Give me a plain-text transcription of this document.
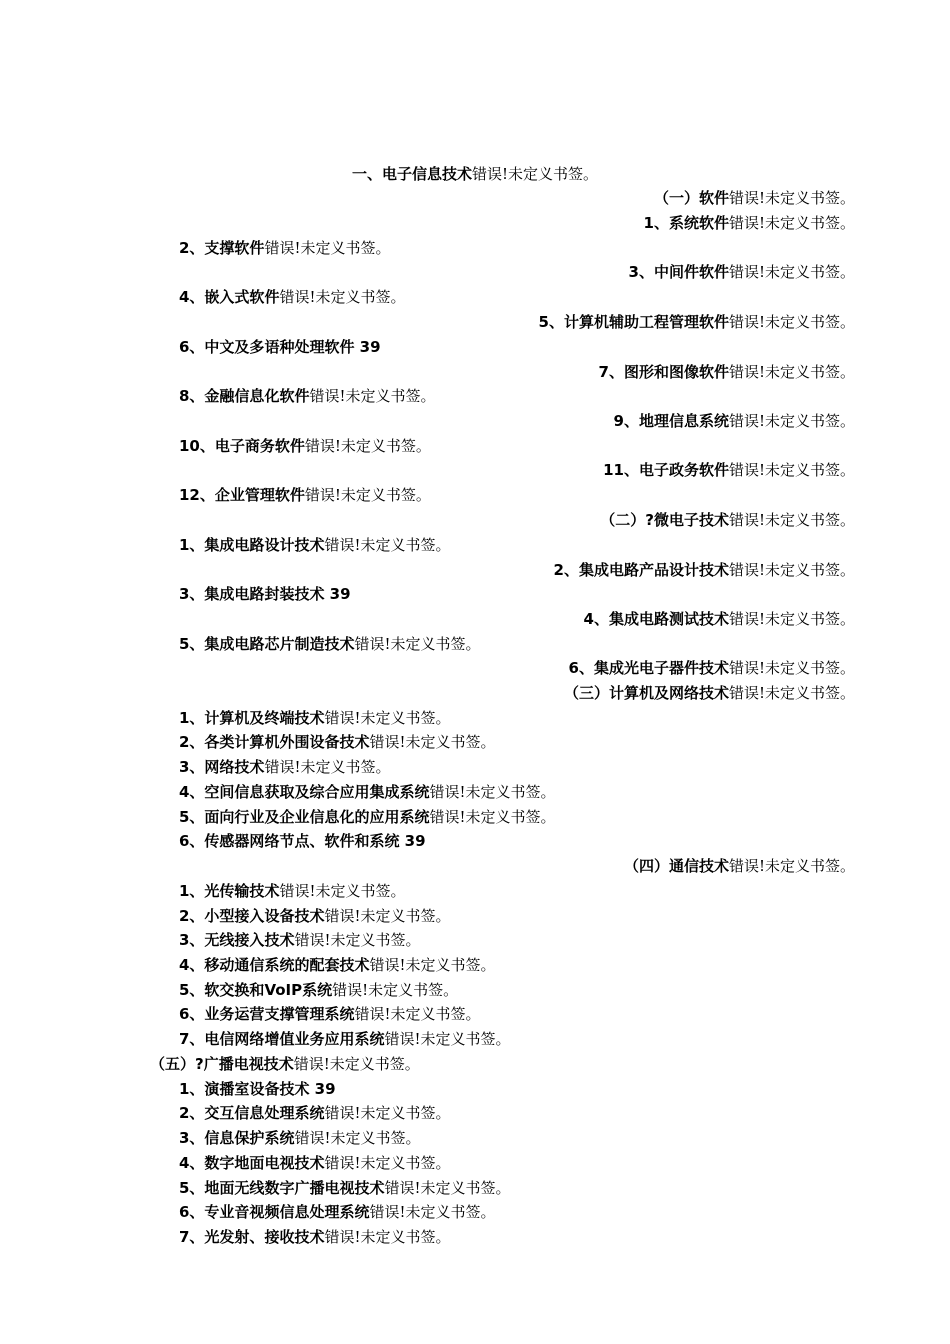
一、电子信息技术错误!未定义书签。
（一）软件错误!未定义书签。
1、系统软件错误!未定义书签。
2、支撑软件错误!未定义书签。
3、中间件软件错误!未定义书签。
4、嵌入式软件错误!未定义书签。
5、计算机辅助工程管理软件错误!未定义书签。
6、中文及多语种处理软件 39
7、图形和图像软件错误!未定义书签。
8、金融信息化软件错误!未定义书签。
9、地理信息系统错误!未定义书签。
10、电子商务软件错误!未定义书签。
11、电子政务软件错误!未定义书签。
12、企业管理软件错误!未定义书签。
（二）?微电子技术错误!未定义书签。
1、集成电路设计技术错误!未定义书签。
2、集成电路产品设计技术错误!未定义书签。
3、集成电路封装技术 39
4、集成电路测试技术错误!未定义书签。
5、集成电路芯片制造技术错误!未定义书签。
6、集成光电子器件技术错误!未定义书签。
（三）计算机及网络技术错误!未定义书签。
1、计算机及终端技术错误!未定义书签。
2、各类计算机外围设备技术错误!未定义书签。
3、网络技术错误!未定义书签。
4、空间信息获取及综合应用集成系统错误!未定义书签。
5、面向行业及企业信息化的应用系统错误!未定义书签。
6、传感器网络节点、软件和系统 39
（四）通信技术错误!未定义书签。
1、光传输技术错误!未定义书签。
2、小型接入设备技术错误!未定义书签。
3、无线接入技术错误!未定义书签。
4、移动通信系统的配套技术错误!未定义书签。
5、软交换和VoIP系统错误!未定义书签。
6、业务运营支撑管理系统错误!未定义书签。
7、电信网络增值业务应用系统错误!未定义书签。
（五）?广播电视技术错误!未定义书签。
1、演播室设备技术 39
2、交互信息处理系统错误!未定义书签。
3、信息保护系统错误!未定义书签。
4、数字地面电视技术错误!未定义书签。
5、地面无线数字广播电视技术错误!未定义书签。
6、专业音视频信息处理系统错误!未定义书签。
7、光发射、接收技术错误!未定义书签。
